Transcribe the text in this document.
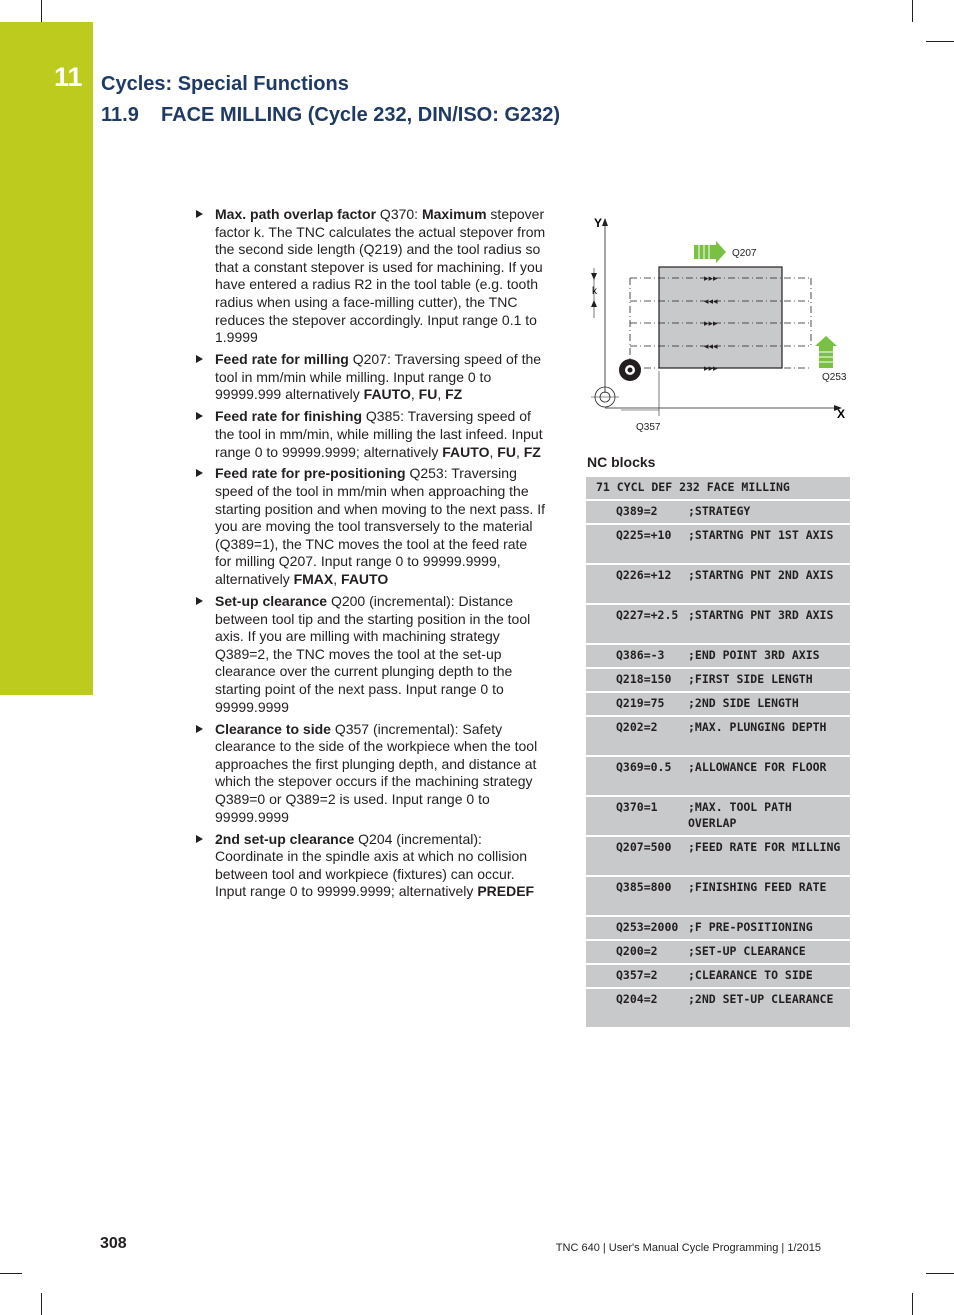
11 Cycles: Special Functions
11.9    FACE MILLING (Cycle 232, DIN/ISO: G232)
Max. path overlap factor Q370: Maximum stepover factor k. The TNC calculates the actual stepover from the second side length (Q219) and the tool radius so that a constant stepover is used for machining. If you have entered a radius R2 in the tool table (e.g. tooth radius when using a face-milling cutter), the TNC reduces the stepover accordingly. Input range 0.1 to 1.9999
Feed rate for milling Q207: Traversing speed of the tool in mm/min while milling. Input range 0 to 99999.999 alternatively FAUTO, FU, FZ
Feed rate for finishing Q385: Traversing speed of the tool in mm/min, while milling the last infeed. Input range 0 to 99999.9999; alternatively FAUTO, FU, FZ
Feed rate for pre-positioning Q253: Traversing speed of the tool in mm/min when approaching the starting position and when moving to the next pass. If you are moving the tool transversely to the material (Q389=1), the TNC moves the tool at the feed rate for milling Q207. Input range 0 to 99999.9999, alternatively FMAX, FAUTO
Set-up clearance Q200 (incremental): Distance between tool tip and the starting position in the tool axis. If you are milling with machining strategy Q389=2, the TNC moves the tool at the set-up clearance over the current plunging depth to the starting point of the next pass. Input range 0 to 99999.9999
Clearance to side Q357 (incremental): Safety clearance to the side of the workpiece when the tool approaches the first plunging depth, and distance at which the stepover occurs if the machining strategy Q389=0 or Q389=2 is used. Input range 0 to 99999.9999
2nd set-up clearance Q204 (incremental): Coordinate in the spindle axis at which no collision between tool and workpiece (fixtures) can occur. Input range 0 to 99999.9999; alternatively PREDEF
Y
X
▸▸▸
◂◂◂
▸▸▸
◂◂◂
▸▸▸
k
Q357
Q207
Q253
NC blocks
71 CYCL DEF 232 FACE MILLING
Q389=2	;STRATEGY
Q225=+10	;STARTNG PNT 1ST AXIS
Q226=+12	;STARTNG PNT 2ND AXIS
Q227=+2.5 ;STARTNG PNT 3RD AXIS
Q386=-3	;END POINT 3RD AXIS
Q218=150	;FIRST SIDE LENGTH
Q219=75	;2ND SIDE LENGTH
Q202=2	;MAX. PLUNGING DEPTH
Q369=0.5	;ALLOWANCE FOR FLOOR
Q370=1	;MAX. TOOL PATH OVERLAP
Q207=500	;FEED RATE FOR MILLING
Q385=800	;FINISHING FEED RATE
Q253=2000 ;F PRE-POSITIONING
Q200=2	;SET-UP CLEARANCE
Q357=2	;CLEARANCE TO SIDE
Q204=2	;2ND SET-UP CLEARANCE
308	TNC 640 | User's Manual Cycle Programming | 1/2015
